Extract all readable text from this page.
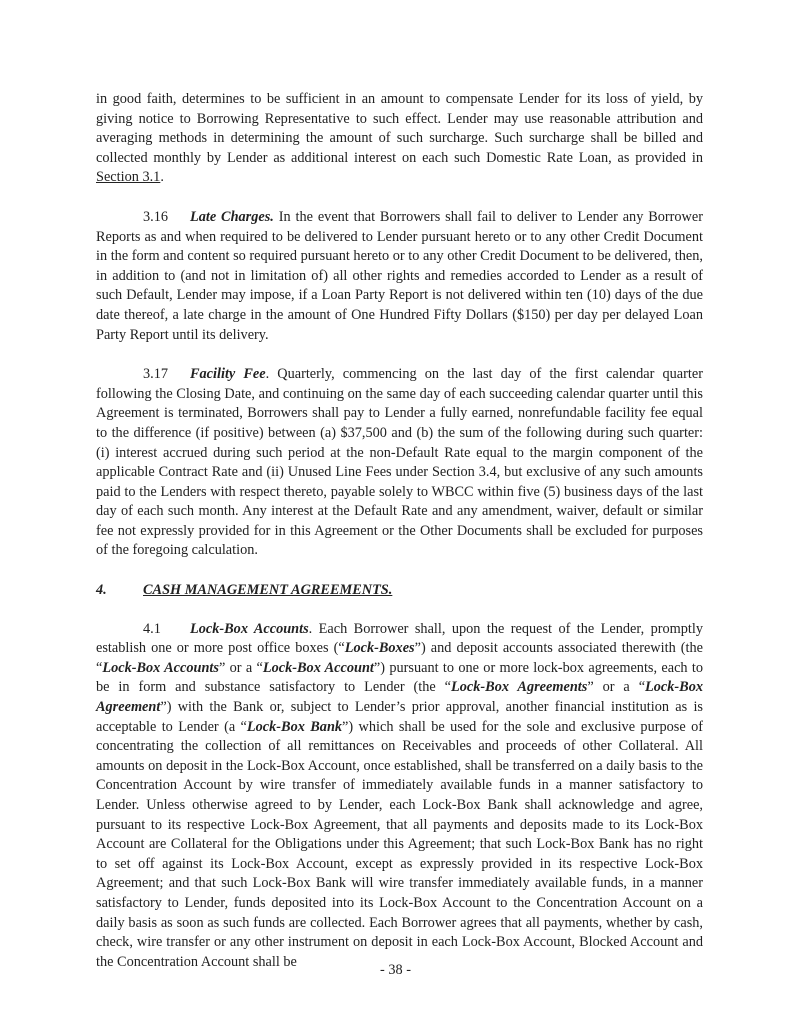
in good faith, determines to be sufficient in an amount to compensate Lender for its loss of yield, by giving notice to Borrowing Representative to such effect. Lender may use reasonable attribution and averaging methods in determining the amount of such surcharge. Such surcharge shall be billed and collected monthly by Lender as additional interest on each such Domestic Rate Loan, as provided in Section 3.1.

3.16 Late Charges. In the event that Borrowers shall fail to deliver to Lender any Borrower Reports as and when required to be delivered to Lender pursuant hereto or to any other Credit Document in the form and content so required pursuant hereto or to any other Credit Document to be delivered, then, in addition to (and not in limitation of) all other rights and remedies accorded to Lender as a result of such Default, Lender may impose, if a Loan Party Report is not delivered within ten (10) days of the due date thereof, a late charge in the amount of One Hundred Fifty Dollars ($150) per day per delayed Loan Party Report until its delivery.

3.17 Facility Fee. Quarterly, commencing on the last day of the first calendar quarter following the Closing Date, and continuing on the same day of each succeeding calendar quarter until this Agreement is terminated, Borrowers shall pay to Lender a fully earned, nonrefundable facility fee equal to the difference (if positive) between (a) $37,500 and (b) the sum of the following during such quarter: (i) interest accrued during such period at the non-Default Rate equal to the margin component of the applicable Contract Rate and (ii) Unused Line Fees under Section 3.4, but exclusive of any such amounts paid to the Lenders with respect thereto, payable solely to WBCC within five (5) business days of the last day of each such month. Any interest at the Default Rate and any amendment, waiver, default or similar fee not expressly provided for in this Agreement or the Other Documents shall be excluded for purposes of the foregoing calculation.

4.	CASH MANAGEMENT AGREEMENTS.

4.1 Lock-Box Accounts. Each Borrower shall, upon the request of the Lender, promptly establish one or more post office boxes (“Lock-Boxes”) and deposit accounts associated therewith (the “Lock-Box Accounts” or a “Lock-Box Account”) pursuant to one or more lock-box agreements, each to be in form and substance satisfactory to Lender (the “Lock-Box Agreements” or a “Lock-Box Agreement”) with the Bank or, subject to Lender’s prior approval, another financial institution as is acceptable to Lender (a “Lock-Box Bank”) which shall be used for the sole and exclusive purpose of concentrating the collection of all remittances on Receivables and proceeds of other Collateral. All amounts on deposit in the Lock-Box Account, once established, shall be transferred on a daily basis to the Concentration Account by wire transfer of immediately available funds in a manner satisfactory to Lender. Unless otherwise agreed to by Lender, each Lock-Box Bank shall acknowledge and agree, pursuant to its respective Lock-Box Agreement, that all payments and deposits made to its Lock-Box Account are Collateral for the Obligations under this Agreement; that such Lock-Box Bank has no right to set off against its Lock-Box Account, except as expressly provided in its respective Lock-Box Agreement; and that such Lock-Box Bank will wire transfer immediately available funds, in a manner satisfactory to Lender, funds deposited into its Lock-Box Account to the Concentration Account on a daily basis as soon as such funds are collected. Each Borrower agrees that all payments, whether by cash, check, wire transfer or any other instrument on deposit in each Lock-Box Account, Blocked Account and the Concentration Account shall be

- 38 -
